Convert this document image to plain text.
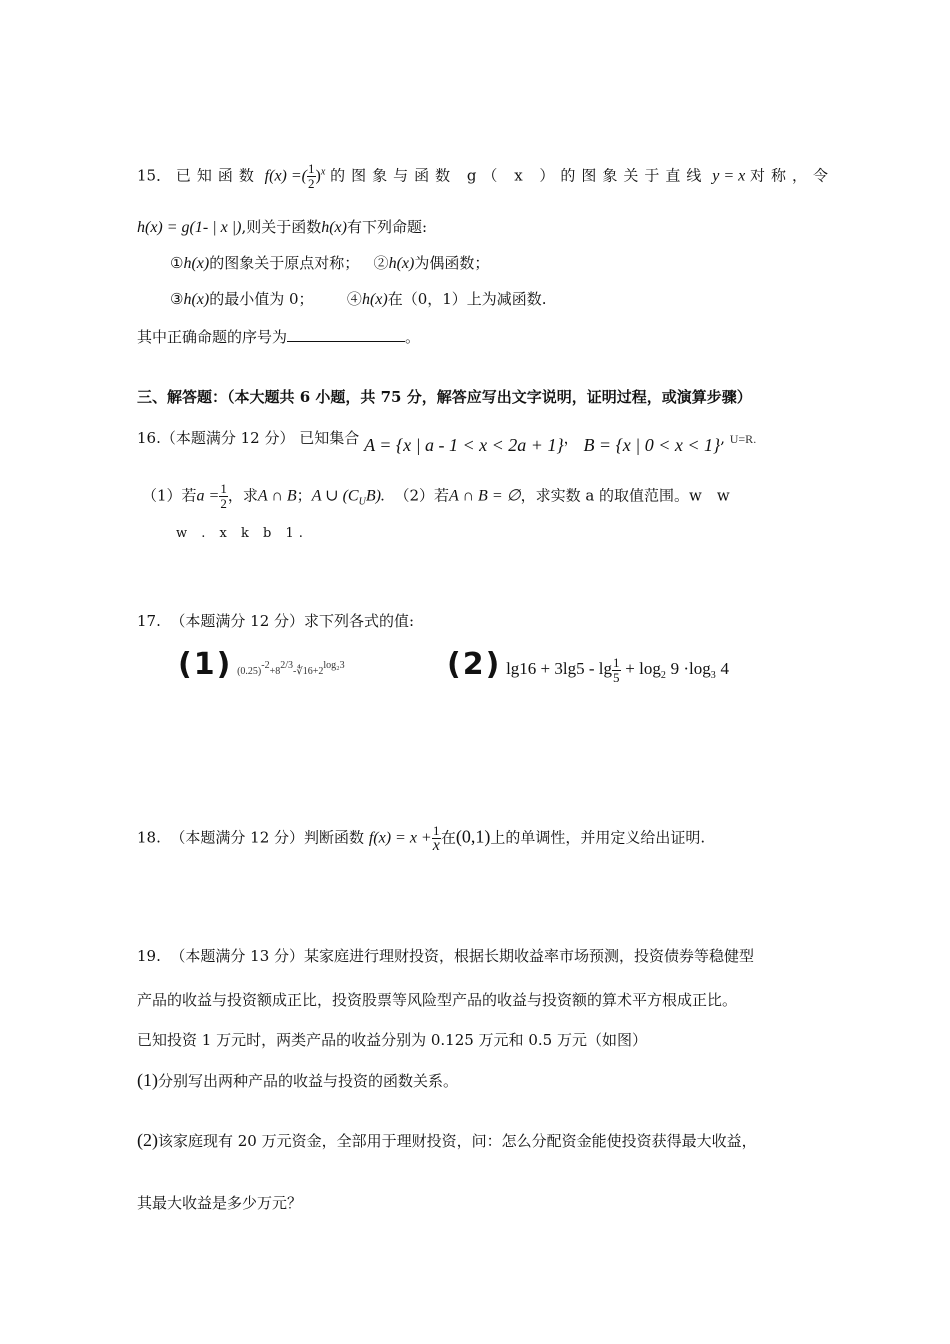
15． 已知函数 f(x) =( $\frac{1}{2} )^x$ 的图象与函数 g（ x ）的图象关于直线 y = x 对称，令
h(x) = g(1- | x |),则关于函数h(x)有下列命题:
①h(x)的图象关于原点对称； ②h(x)为偶函数；
③h(x)的最小值为 0； ④h(x)在（0，1）上为减函数.
其中正确命题的序号为	。
三、解答题：（本大题共 6 小题，共 75 分，解答应写出文字说明，证明过程，或演算步骤）
16.（本题满分 12 分） 已知集合 A = {x | a - 1 < x < 2a + 1}， B = {x | 0 < x < 1}, U=R.
（1）若$a = \frac{1}{2}$ ，求A ∩ B；A ∪ $(C_UB)$. （2）若A ∩ B = ∅，求实数 a 的取值范围。w　w
w . x k b 1.
17. （本题满分 12 分）求下列各式的值:
(1) $(0.25)^{-2}+8^{2/3}-∜16+2^{log_23}$	(2) $\lg 16 + 3\lg 5 - \lg \frac{1}{5} + \log_2 9 \cdot\log_3$ 4
18. （本题满分 12 分）判断函数 $f(x) = x + \frac{1}{x}$ 在(0,1)上的单调性，并用定义给出证明.
19. （本题满分 13 分）某家庭进行理财投资，根据长期收益率市场预测，投资债券等稳健型
产品的收益与投资额成正比，投资股票等风险型产品的收益与投资额的算术平方根成正比。
已知投资 1 万元时，两类产品的收益分别为 0.125 万元和 0.5 万元（如图）
(1)分别写出两种产品的收益与投资的函数关系。
(2)该家庭现有 20 万元资金，全部用于理财投资，问：怎么分配资金能使投资获得最大收益，
其最大收益是多少万元？
